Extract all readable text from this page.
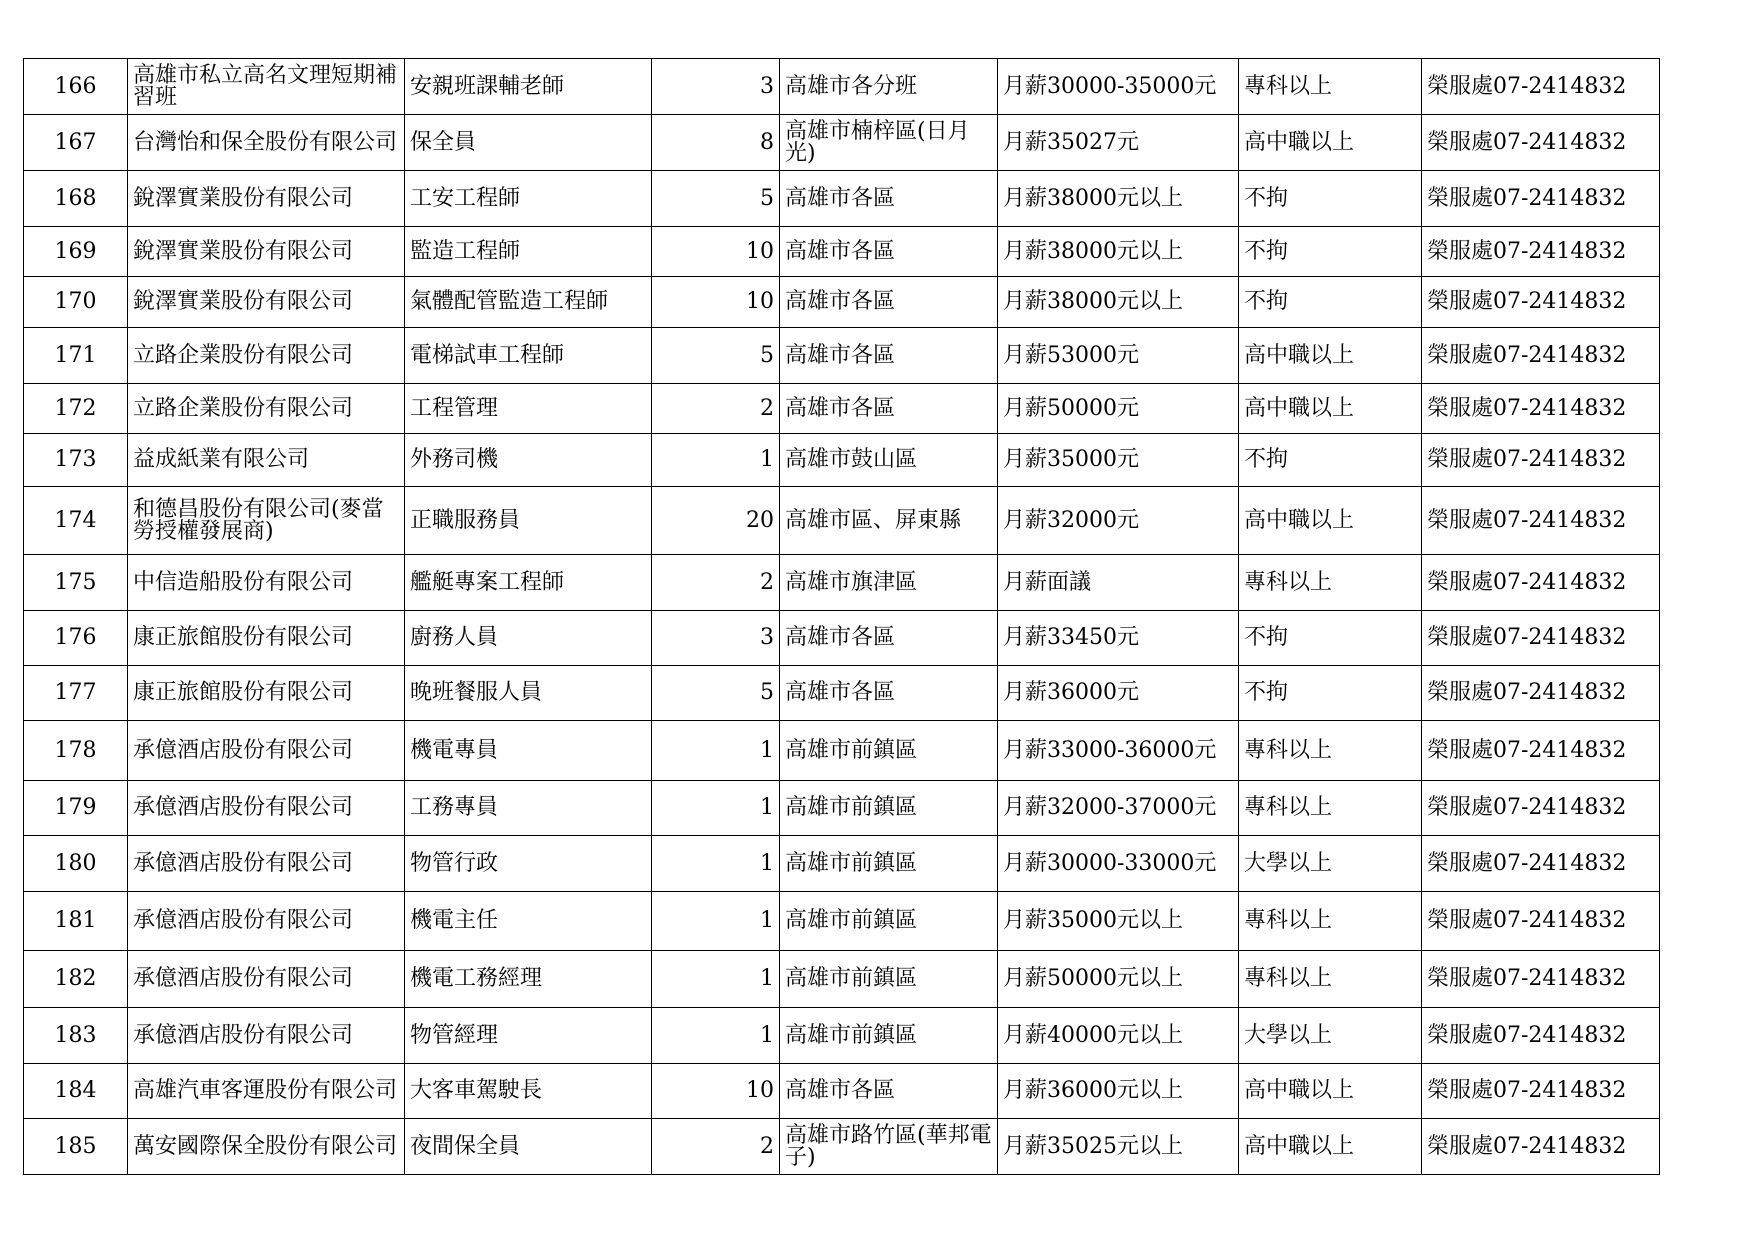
166	高雄市私立高名文理短期補習班	安親班課輔老師	3	高雄市各分班	月薪30000-35000元	專科以上	榮服處07-2414832
167	台灣怡和保全股份有限公司	保全員	8	高雄市楠梓區(日月光)	月薪35027元	高中職以上	榮服處07-2414832
168	銳澤實業股份有限公司	工安工程師	5	高雄市各區	月薪38000元以上	不拘	榮服處07-2414832
169	銳澤實業股份有限公司	監造工程師	10	高雄市各區	月薪38000元以上	不拘	榮服處07-2414832
170	銳澤實業股份有限公司	氣體配管監造工程師	10	高雄市各區	月薪38000元以上	不拘	榮服處07-2414832
171	立路企業股份有限公司	電梯試車工程師	5	高雄市各區	月薪53000元	高中職以上	榮服處07-2414832
172	立路企業股份有限公司	工程管理	2	高雄市各區	月薪50000元	高中職以上	榮服處07-2414832
173	益成紙業有限公司	外務司機	1	高雄市鼓山區	月薪35000元	不拘	榮服處07-2414832
174	和德昌股份有限公司(麥當勞授權發展商)	正職服務員	20	高雄市區、屏東縣	月薪32000元	高中職以上	榮服處07-2414832
175	中信造船股份有限公司	艦艇專案工程師	2	高雄市旗津區	月薪面議	專科以上	榮服處07-2414832
176	康正旅館股份有限公司	廚務人員	3	高雄市各區	月薪33450元	不拘	榮服處07-2414832
177	康正旅館股份有限公司	晚班餐服人員	5	高雄市各區	月薪36000元	不拘	榮服處07-2414832
178	承億酒店股份有限公司	機電專員	1	高雄市前鎮區	月薪33000-36000元	專科以上	榮服處07-2414832
179	承億酒店股份有限公司	工務專員	1	高雄市前鎮區	月薪32000-37000元	專科以上	榮服處07-2414832
180	承億酒店股份有限公司	物管行政	1	高雄市前鎮區	月薪30000-33000元	大學以上	榮服處07-2414832
181	承億酒店股份有限公司	機電主任	1	高雄市前鎮區	月薪35000元以上	專科以上	榮服處07-2414832
182	承億酒店股份有限公司	機電工務經理	1	高雄市前鎮區	月薪50000元以上	專科以上	榮服處07-2414832
183	承億酒店股份有限公司	物管經理	1	高雄市前鎮區	月薪40000元以上	大學以上	榮服處07-2414832
184	高雄汽車客運股份有限公司	大客車駕駛長	10	高雄市各區	月薪36000元以上	高中職以上	榮服處07-2414832
185	萬安國際保全股份有限公司	夜間保全員	2	高雄市路竹區(華邦電子)	月薪35025元以上	高中職以上	榮服處07-2414832
